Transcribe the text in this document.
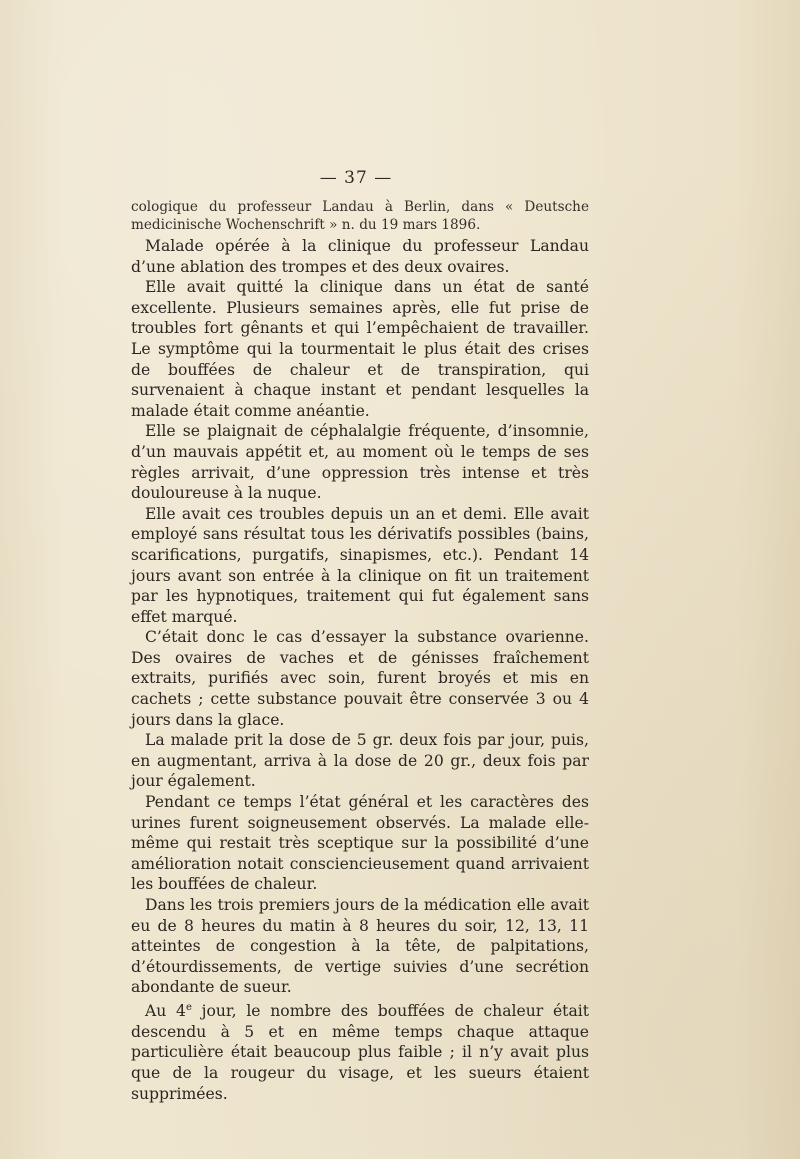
— 37 —

cologique du professeur Landau à Berlin, dans « Deutsche medicinische Wochenschrift » n. du 19 mars 1896.

Malade opérée à la clinique du professeur Landau d’une ablation des trompes et des deux ovaires.

Elle avait quitté la clinique dans un état de santé excellente. Plusieurs semaines après, elle fut prise de troubles fort gênants et qui l’empêchaient de travailler. Le symptôme qui la tourmentait le plus était des crises de bouffées de chaleur et de transpiration, qui survenaient à chaque instant et pendant lesquelles la malade était comme anéantie.

Elle se plaignait de céphalalgie fréquente, d’insomnie, d’un mauvais appétit et, au moment où le temps de ses règles arrivait, d’une oppression très intense et très douloureuse à la nuque.

Elle avait ces troubles depuis un an et demi. Elle avait employé sans résultat tous les dérivatifs possibles (bains, scarifications, purgatifs, sinapismes, etc.). Pendant 14 jours avant son entrée à la clinique on fit un traitement par les hypnotiques, traitement qui fut également sans effet marqué.

C’était donc le cas d’essayer la substance ovarienne. Des ovaires de vaches et de génisses fraîchement extraits, purifiés avec soin, furent broyés et mis en cachets ; cette substance pouvait être conservée 3 ou 4 jours dans la glace.

La malade prit la dose de 5 gr. deux fois par jour, puis, en augmentant, arriva à la dose de 20 gr., deux fois par jour également.

Pendant ce temps l’état général et les caractères des urines furent soigneusement observés. La malade elle-même qui restait très sceptique sur la possibilité d’une amélioration notait consciencieusement quand arrivaient les bouffées de chaleur.

Dans les trois premiers jours de la médication elle avait eu de 8 heures du matin à 8 heures du soir, 12, 13, 11 atteintes de congestion à la tête, de palpitations, d’étourdissements, de vertige suivies d’une secrétion abondante de sueur.

Au 4e jour, le nombre des bouffées de chaleur était descendu à 5 et en même temps chaque attaque particulière était beaucoup plus faible ; il n’y avait plus que de la rougeur du visage, et les sueurs étaient supprimées.
